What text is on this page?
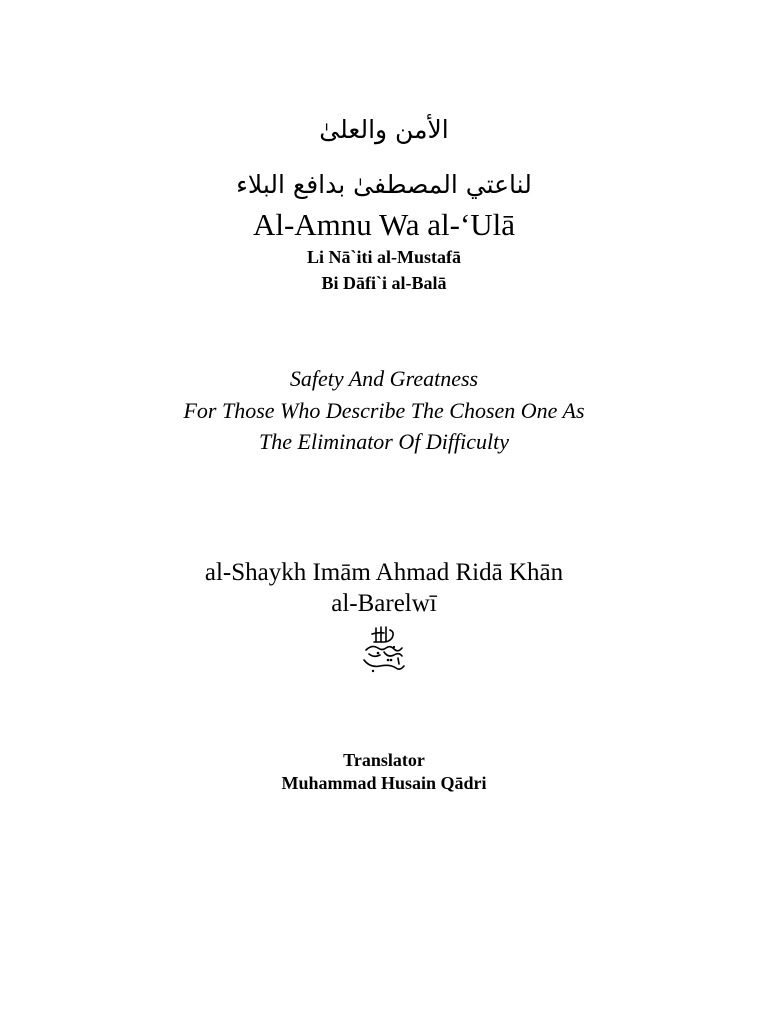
الأمن والعلىٰ
لناعتي المصطفىٰ بدافع البلاء
Al-Amnu Wa al-‘Ulā
Li Nā`iti al-Mustafā
Bi Dāfi`i al-Balā
Safety And Greatness
For Those Who Describe The Chosen One As
The Eliminator Of Difficulty
al-Shaykh Imām Ahmad Ridā Khān
al-Barelwī
Translator
Muhammad Husain Qādri
